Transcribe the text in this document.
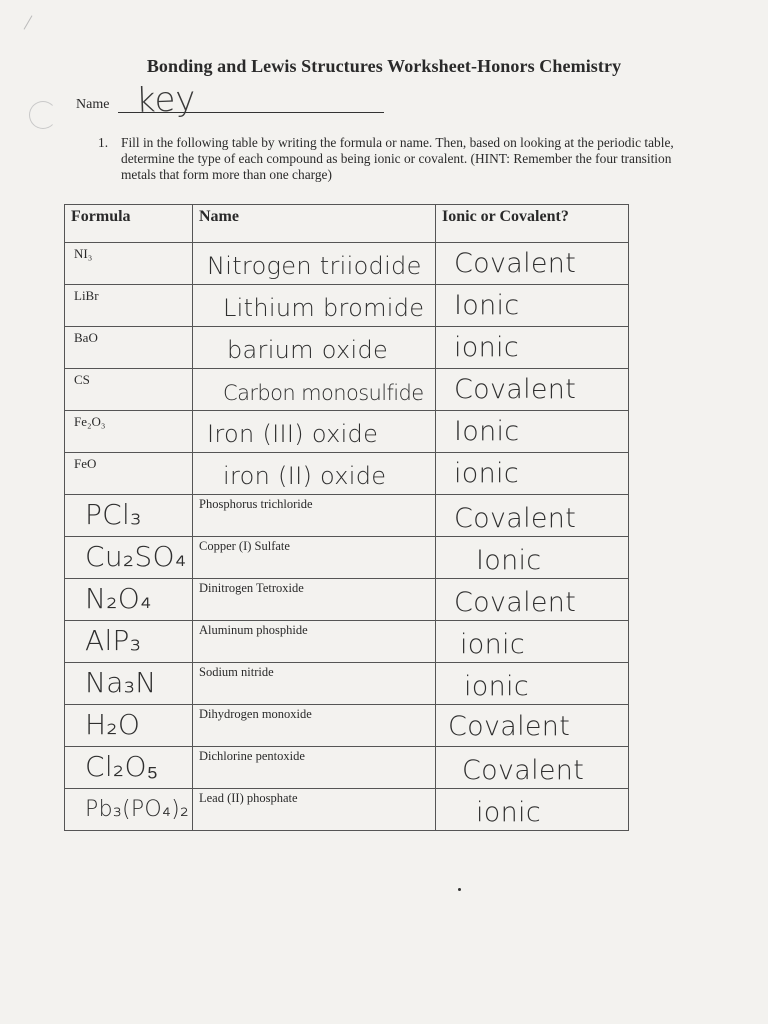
Bonding and Lewis Structures Worksheet-Honors Chemistry
Name key
1. Fill in the following table by writing the formula or name. Then, based on looking at the periodic table, determine the type of each compound as being ionic or covalent. (HINT: Remember the four transition metals that form more than one charge)
Formula	Name	Ionic or Covalent?

NI₃	Nitrogen triiodide	Covalent

LiBr	Lithium bromide	Ionic

BaO	barium oxide	ionic

CS	Carbon monosulfide	Covalent

Fe₂O₃	Iron (III) oxide	Ionic

FeO	iron (II) oxide	ionic

PCl₃	Phosphorus trichloride	Covalent

Cu₂SO₄	Copper (I) Sulfate	Ionic

N₂O₄	Dinitrogen Tetroxide	Covalent

AlP₃	Aluminum phosphide	ionic

Na₃N	Sodium nitride	ionic

H₂O	Dihydrogen monoxide	Covalent

Cl₂O₅	Dichlorine pentoxide	Covalent

Pb₃(PO₄)₂	Lead (II) phosphate	ionic
